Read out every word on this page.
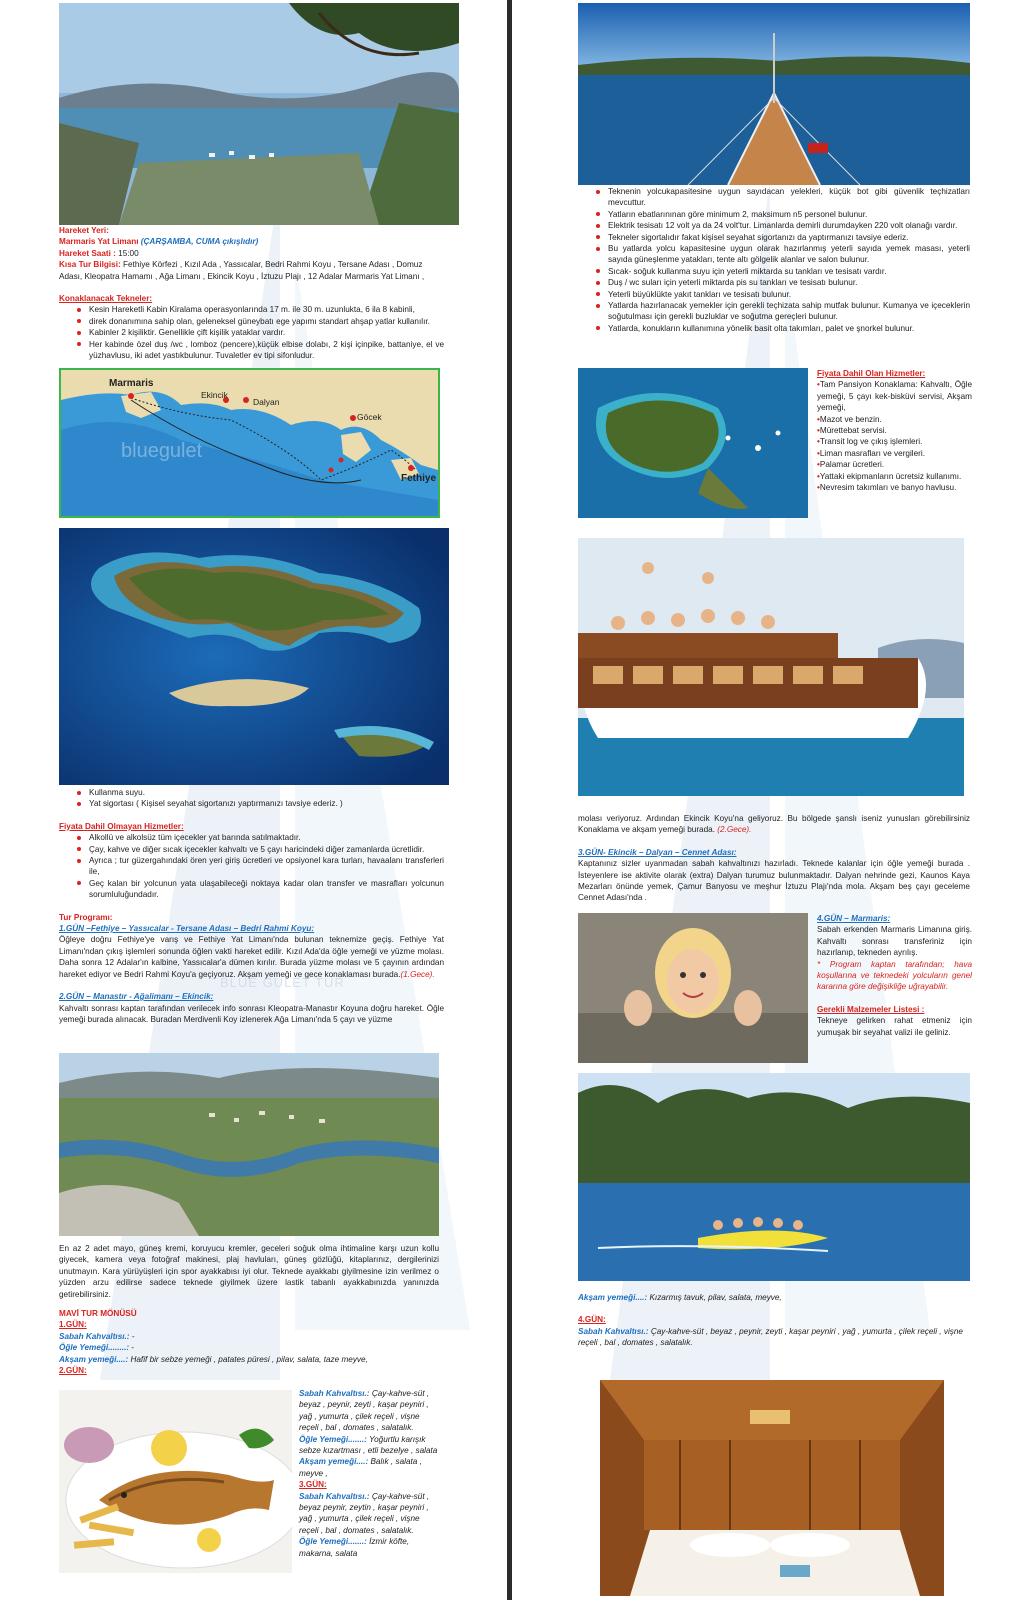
Hareket Yeri:
Marmaris Yat Limanı (ÇARŞAMBA, CUMA çıkışlıdır)
Hareket Saati : 15:00
Kısa Tur Bilgisi: Fethiye Körfezi , Kızıl Ada , Yassıcalar, Bedri Rahmi Koyu , Tersane Adası , Domuz Adası, Kleopatra Hamamı , Ağa Limanı , Ekincik Koyu , İztuzu Plajı , 12 Adalar Marmaris Yat Limanı ,
Konaklanacak Tekneler:
Kesin Hareketli Kabin Kiralama operasyonlarında 17 m. ile 30 m. uzunlukta, 6 ila 8 kabinli,
direk donanımına sahip olan, geleneksel güneybatı ege yapımı standart ahşap yatlar kullanılır.
Kabinler 2 kişiliktir. Genellikle çift kişilik yataklar vardır.
Her kabinde özel duş /wc , lomboz (pencere),küçük elbise dolabı, 2 kişi içinpike, battaniye, el ve yüzhavlusu, iki adet yastıkbulunur. Tuvaletler ev tipi sifonludur.
Marmaris
Ekincik
Dalyan
Göcek
Fethiye
bluegulet
Kullanma suyu.
Yat sigortası ( Kişisel seyahat sigortanızı yaptırmanızı tavsiye ederiz. )
Fiyata Dahil Olmayan Hizmetler:
Alkollü ve alkolsüz tüm içecekler yat barında satılmaktadır.
Çay, kahve ve diğer sıcak içecekler kahvaltı ve 5 çayı haricindeki diğer zamanlarda ücretlidir.
Ayrıca ; tur güzergahındaki ören yeri giriş ücretleri ve opsiyonel kara turları, havaalanı transferleri ile,
Geç kalan bir yolcunun yata ulaşabileceği noktaya kadar olan transfer ve masrafları yolcunun sorumluluğundadır.
Tur Programı:
1.GÜN –Fethiye – Yassıcalar - Tersane Adası – Bedri Rahmi Koyu:
Öğleye doğru Fethiye'ye varış ve Fethiye Yat Limanı'nda bulunan teknemize geçiş. Fethiye Yat Limanı'ndan çıkış işlemleri sonunda öğlen vakti hareket edilir. Kızıl Ada'da öğle yemeği ve yüzme molası. Daha sonra 12 Adalar'ın kalbine, Yassıcalar'a dümen kırılır. Burada yüzme molası ve 5 çayının ardından hareket ediyor ve Bedri Rahmi Koyu'a geçiyoruz. Akşam yemeği ve gece konaklaması burada.(1.Gece).
2.GÜN – Manastır - Ağalimanı – Ekincik:
Kahvaltı sonrası kaptan tarafından verilecek info sonrası Kleopatra-Manastır Koyuna doğru hareket. Öğle yemeği burada alınacak. Buradan Merdivenli Koy izlenerek Ağa Limanı'nda 5 çayı ve yüzme
En az 2 adet mayo, güneş kremi, koruyucu kremler, geceleri soğuk olma ihtimaline karşı uzun kollu giyecek, kamera veya fotoğraf makinesi, plaj havluları, güneş gözlüğü, kitaplarınız, dergilerinizi unutmayın. Kara yürüyüşleri için spor ayakkabısı iyi olur. Teknede ayakkabı giyilmesine izin verilmez o yüzden arzu edilirse sadece teknede giyilmek üzere lastik tabanlı ayakkabınızda yanınızda getirebilirsiniz.
MAVİ TUR MÖNÜSÜ
1.GÜN:
Sabah Kahvaltısı.: -
Öğle Yemeği........: -
Akşam yemeği....: Hafif bir sebze yemeği , patates püresi , pilav, salata, taze meyve,
2.GÜN:
Sabah Kahvaltısı.: Çay-kahve-süt , beyaz , peynir, zeyti , kaşar peyniri , yağ , yumurta , çilek reçeli , vişne reçeli , bal , domates , salatalık.
Öğle Yemeği.......: Yoğurtlu karışık sebze kızartması , etli bezelye , salata
Akşam yemeği....: Balık , salata , meyve ,
3.GÜN:
Sabah Kahvaltısı.: Çay-kahve-süt , beyaz peynir, zeytin , kaşar peyniri , yağ , yumurta , çilek reçeli , vişne reçeli , bal , domates , salatalık.
Öğle Yemeği.......: İzmir köfte, makarna, salata
BLUE GULET TUR
Teknenin yolcukapasitesine uygun sayıdacan yelekleri, küçük bot gibi güvenlik teçhizatları mevcuttur.
Yatların ebatlarınınan göre minimum 2, maksimum n5 personel bulunur.
Elektrik tesisatı 12 volt ya da 24 volt'tur. Limanlarda demirli durumdayken 220 volt olanağı vardır.
Tekneler sigortalıdır fakat kişisel seyahat sigortanızı da yaptırmanızı tavsiye ederiz.
Bu yatlarda yolcu kapasitesine uygun olarak hazırlanmış yeterli sayıda yemek masası, yeterli sayıda güneşlenme yatakları, tente altı gölgelik alanlar ve salon bulunur.
Sıcak- soğuk kullanma suyu için yeterli miktarda su tankları ve tesisatı vardır.
Duş / wc suları için yeterli miktarda pis su tankları ve tesisatı bulunur.
Yeterli büyüklükte yakıt tankları ve tesisatı bulunur.
Yatlarda hazırlanacak yemekler için gerekli teçhizata sahip mutfak bulunur. Kumanya ve içeceklerin soğutulması için gerekli buzluklar ve soğutma gereçleri bulunur.
Yatlarda, konukların kullanımına yönelik basit olta takımları, palet ve şnorkel bulunur.
Fiyata Dahil Olan Hizmetler:
•Tam Pansiyon Konaklama: Kahvaltı, Öğle yemeği, 5 çayı kek-bisküvi servisi, Akşam yemeği,
•Mazot ve benzin.
•Mürettebat servisi.
•Transit log ve çıkış işlemleri.
•Liman masrafları ve vergileri.
•Palamar ücretleri.
•Yattaki ekipmanların ücretsiz kullanımı.
•Nevresim takımları ve banyo havlusu.
molası veriyoruz. Ardından Ekincik Koyu'na geliyoruz. Bu bölgede şanslı iseniz yunusları görebilirsiniz Konaklama ve akşam yemeği burada. (2.Gece).
3.GÜN- Ekincik – Dalyan – Cennet Adası:
Kaptanınız sizler uyanmadan sabah kahvaltınızı hazırladı. Teknede kalanlar için öğle yemeği burada . İsteyenlere ise aktivite olarak (extra) Dalyan turumuz bulunmaktadır. Dalyan nehrinde gezi, Kaunos Kaya Mezarları önünde yemek, Çamur Banyosu ve meşhur İztuzu Plajı'nda mola. Akşam beş çayı geceleme Cennet Adası'nda .
4.GÜN – Marmaris:
Sabah erkenden Marmaris Limanına giriş. Kahvaltı sonrası transferiniz için hazırlanıp, tekneden ayrılış.
* Program kaptan tarafından; hava koşullarına ve teknedeki yolcuların genel kararına göre değişikliğe uğrayabilir.
Gerekli Malzemeler Listesi :
Tekneye gelirken rahat etmeniz için yumuşak bir seyahat valizi ile geliniz.
Akşam yemeği....: Kızarmış tavuk, pilav, salata, meyve,
4.GÜN:
Sabah Kahvaltısı.: Çay-kahve-süt , beyaz , peynir, zeyti , kaşar peyniri , yağ , yumurta , çilek reçeli , vişne reçeli , bal , domates , salatalık.
